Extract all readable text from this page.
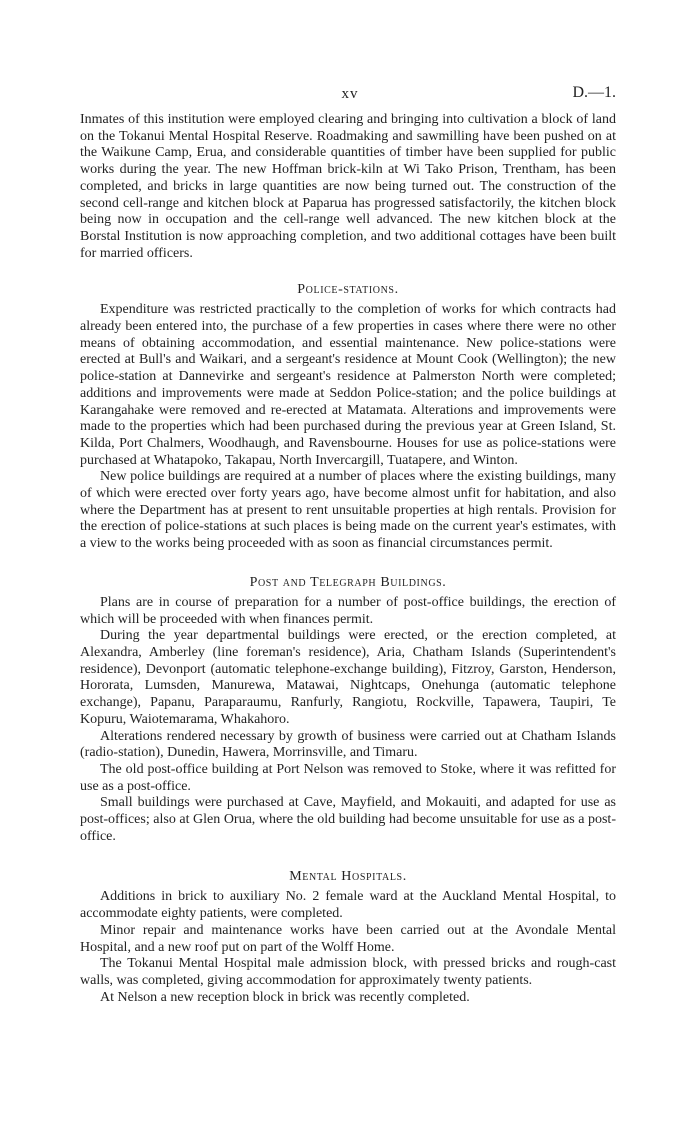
xv	D.—1.

Inmates of this institution were employed clearing and bringing into cultivation a block of land on the Tokanui Mental Hospital Reserve. Roadmaking and sawmilling have been pushed on at the Waikune Camp, Erua, and considerable quantities of timber have been supplied for public works during the year. The new Hoffman brick-kiln at Wi Tako Prison, Trentham, has been completed, and bricks in large quantities are now being turned out. The construction of the second cell-range and kitchen block at Paparua has progressed satisfactorily, the kitchen block being now in occupation and the cell-range well advanced. The new kitchen block at the Borstal Institution is now approaching completion, and two additional cottages have been built for married officers.

Police-stations.

Expenditure was restricted practically to the completion of works for which contracts had already been entered into, the purchase of a few properties in cases where there were no other means of obtaining accommodation, and essential maintenance. New police-stations were erected at Bull's and Waikari, and a sergeant's residence at Mount Cook (Wellington); the new police-station at Dannevirke and sergeant's residence at Palmerston North were completed; additions and improvements were made at Seddon Police-station; and the police buildings at Karangahake were removed and re-erected at Matamata. Alterations and improvements were made to the properties which had been purchased during the previous year at Green Island, St. Kilda, Port Chalmers, Woodhaugh, and Ravensbourne. Houses for use as police-stations were purchased at Whatapoko, Takapau, North Invercargill, Tuatapere, and Winton.

New police buildings are required at a number of places where the existing buildings, many of which were erected over forty years ago, have become almost unfit for habitation, and also where the Department has at present to rent unsuitable properties at high rentals. Provision for the erection of police-stations at such places is being made on the current year's estimates, with a view to the works being proceeded with as soon as financial circumstances permit.

Post and Telegraph Buildings.

Plans are in course of preparation for a number of post-office buildings, the erection of which will be proceeded with when finances permit.

During the year departmental buildings were erected, or the erection completed, at Alexandra, Amberley (line foreman's residence), Aria, Chatham Islands (Superintendent's residence), Devonport (automatic telephone-exchange building), Fitzroy, Garston, Henderson, Hororata, Lumsden, Manurewa, Matawai, Nightcaps, Onehunga (automatic telephone exchange), Papanu, Paraparaumu, Ranfurly, Rangiotu, Rockville, Tapawera, Taupiri, Te Kopuru, Waiotemarama, Whakahoro.

Alterations rendered necessary by growth of business were carried out at Chatham Islands (radio-station), Dunedin, Hawera, Morrinsville, and Timaru.

The old post-office building at Port Nelson was removed to Stoke, where it was refitted for use as a post-office.

Small buildings were purchased at Cave, Mayfield, and Mokauiti, and adapted for use as post-offices; also at Glen Orua, where the old building had become unsuitable for use as a post-office.

Mental Hospitals.

Additions in brick to auxiliary No. 2 female ward at the Auckland Mental Hospital, to accommodate eighty patients, were completed.

Minor repair and maintenance works have been carried out at the Avondale Mental Hospital, and a new roof put on part of the Wolff Home.

The Tokanui Mental Hospital male admission block, with pressed bricks and rough-cast walls, was completed, giving accommodation for approximately twenty patients.

At Nelson a new reception block in brick was recently completed.
